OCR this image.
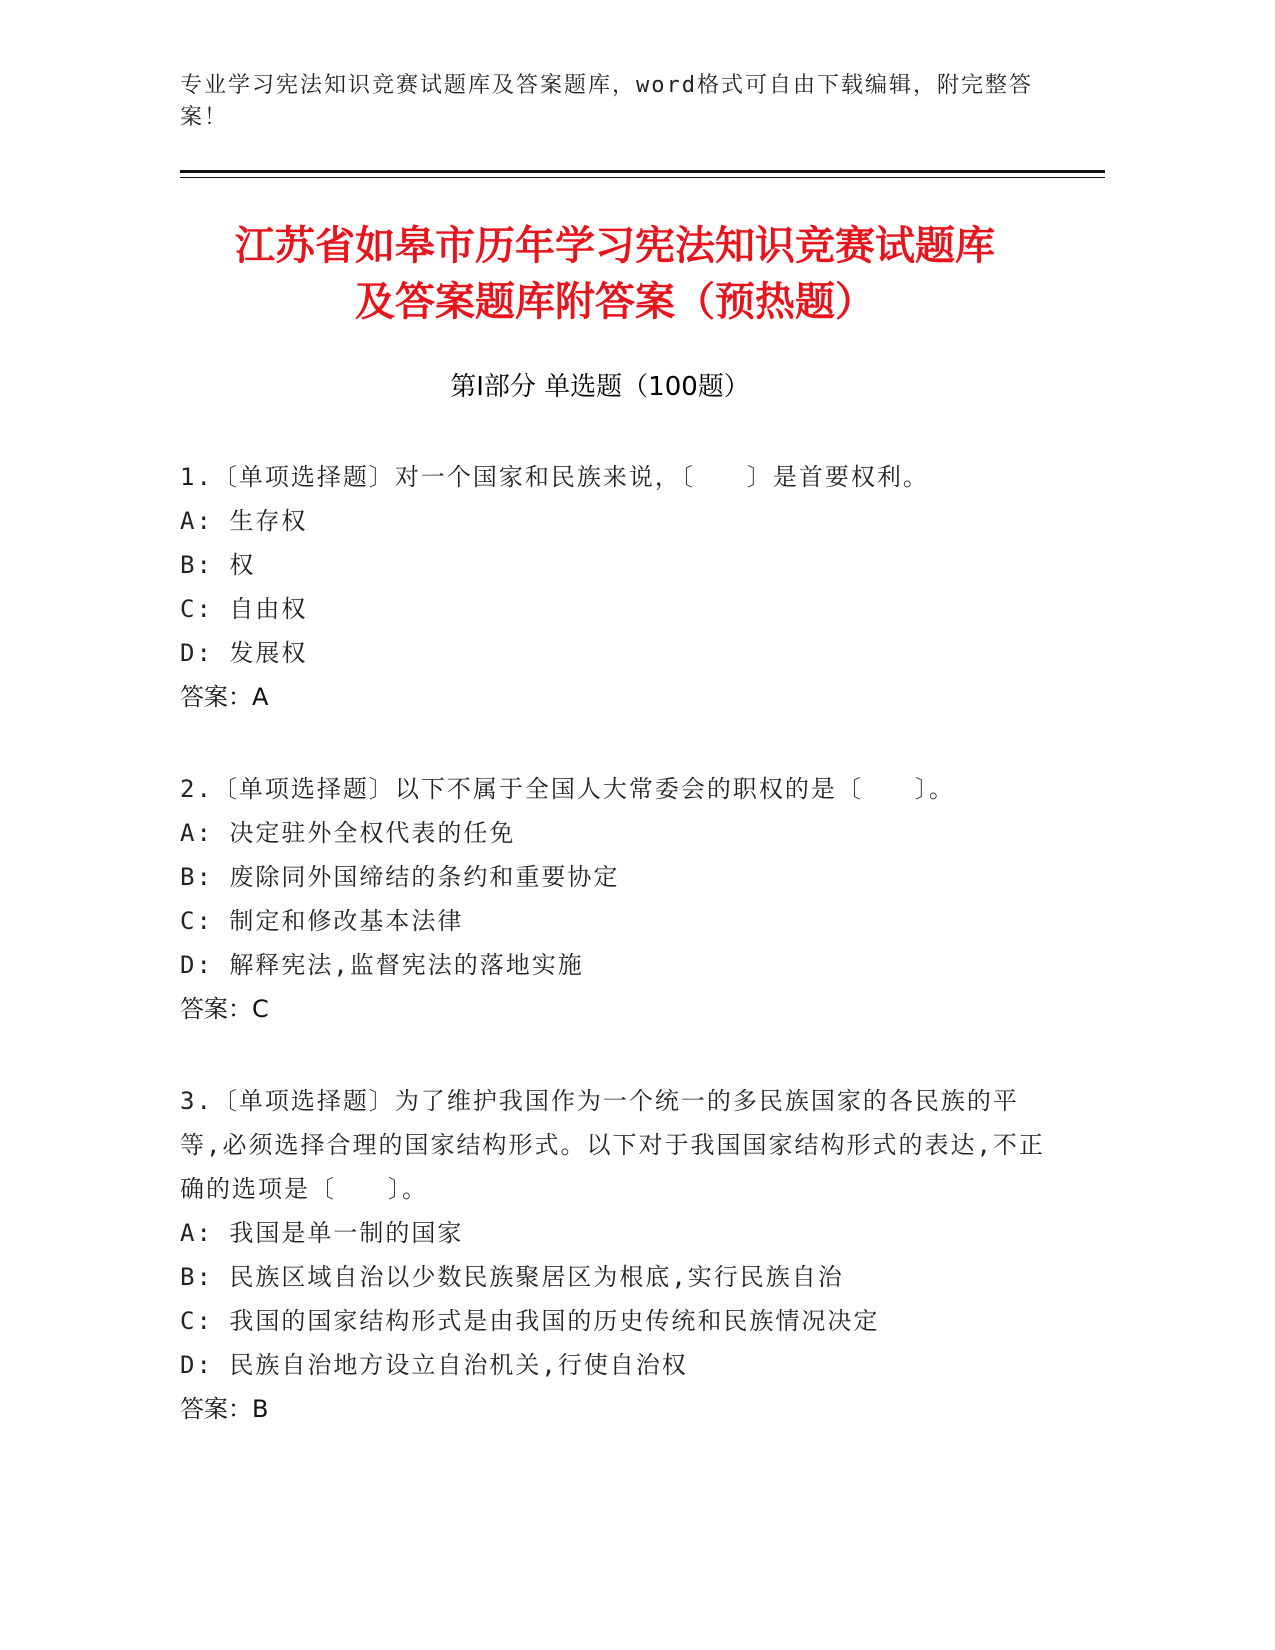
专业学习宪法知识竞赛试题库及答案题库，word格式可自由下载编辑，附完整答案！
江苏省如皋市历年学习宪法知识竞赛试题库
及答案题库附答案（预热题）
第Ⅰ部分 单选题（100题）
1.〔单项选择题〕对一个国家和民族来说，〔　　〕是首要权利。
A: 生存权
B: 权
C: 自由权
D: 发展权
答案：A
2.〔单项选择题〕以下不属于全国人大常委会的职权的是〔　　〕。
A: 决定驻外全权代表的任免
B: 废除同外国缔结的条约和重要协定
C: 制定和修改基本法律
D: 解释宪法,监督宪法的落地实施
答案：C
3.〔单项选择题〕为了维护我国作为一个统一的多民族国家的各民族的平等,必须选择合理的国家结构形式。以下对于我国国家结构形式的表达,不正确的选项是〔　　〕。
A: 我国是单一制的国家
B: 民族区域自治以少数民族聚居区为根底,实行民族自治
C: 我国的国家结构形式是由我国的历史传统和民族情况决定
D: 民族自治地方设立自治机关,行使自治权
答案：B
